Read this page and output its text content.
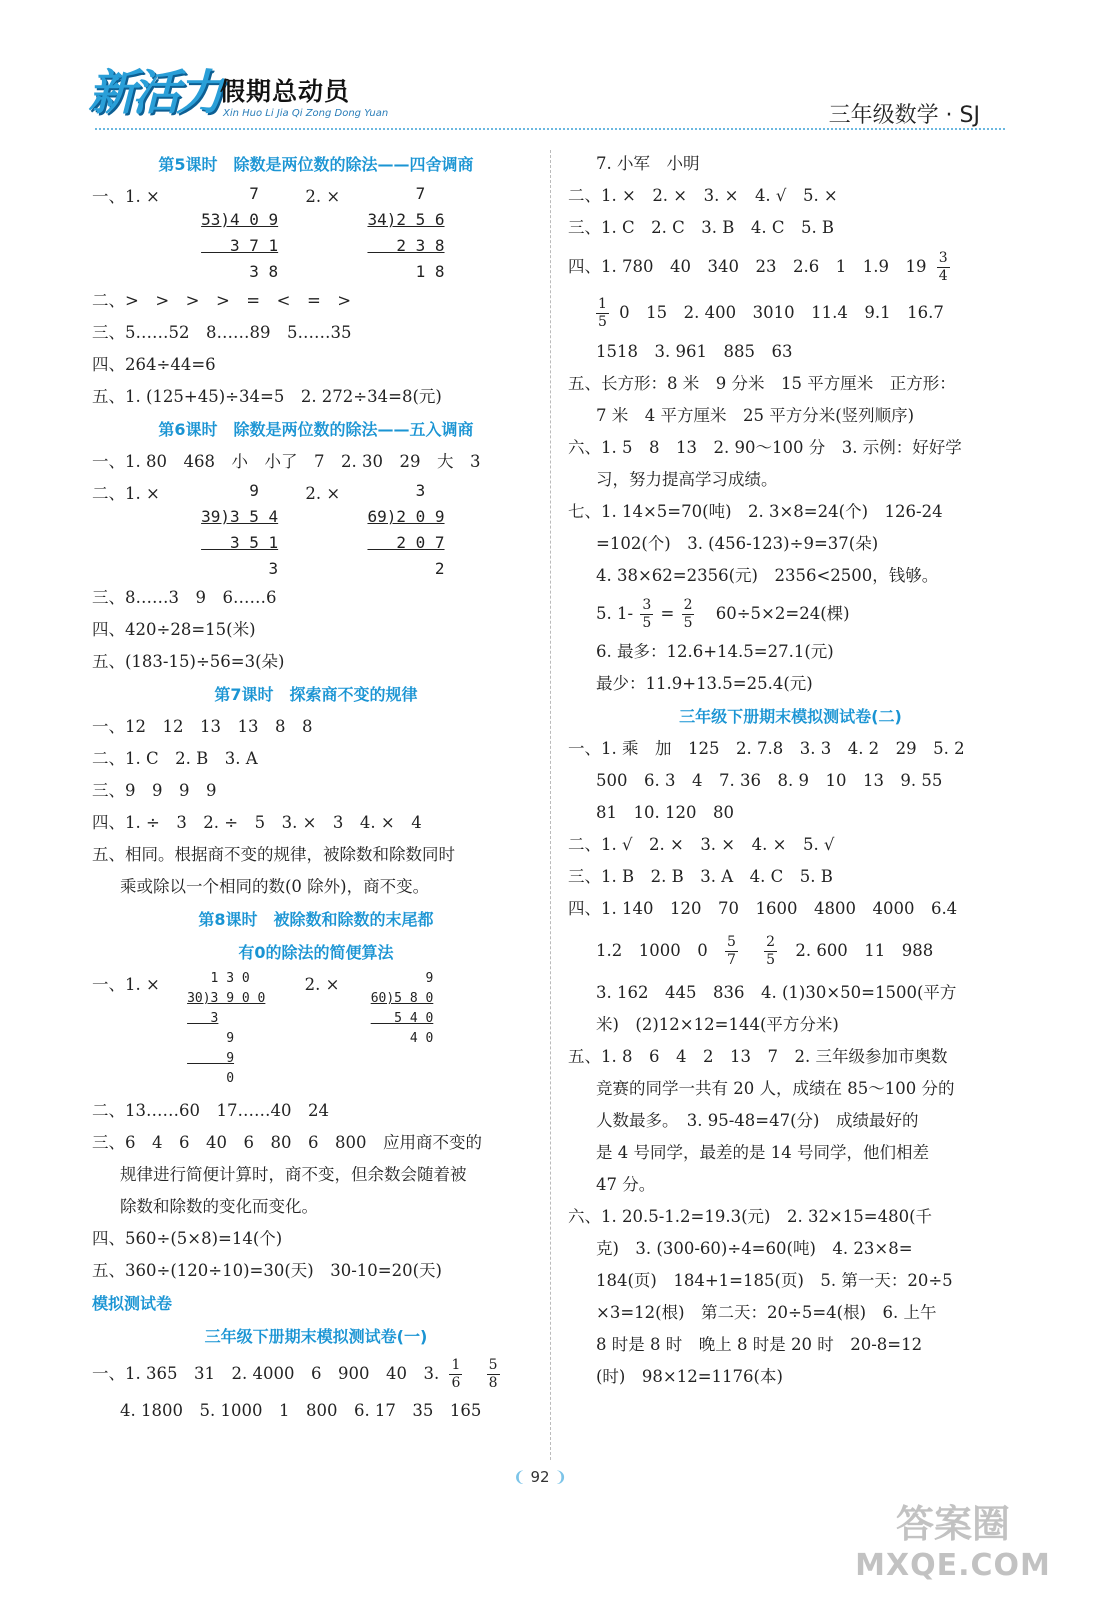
新活力 假期总动员
Xin Huo Li Jia Qi Zong Dong Yuan	三年级数学 · SJ
第5课时　除数是两位数的除法——四舍调商
一、1. ×	7
53)4 0 9
3 7 1
3 8
2. × 7
34)2 5 6
2 3 8
1 8
二、>　>　>　>　=　<　=　>
三、5……52　8……89　5……35
四、264÷44=6
五、1. (125+45)÷34=5　2. 272÷34=8(元)
第6课时　除数是两位数的除法——五入调商
一、1. 80　468　小　小了　7　2. 30　29　大　3
二、1. ×	9
39)3 5 4
3 5 1
3
2. × 3
69)2 0 9
2 0 7
2
三、8……3　9　6……6
四、420÷28=15(米)
五、(183-15)÷56=3(朵)
第7课时　探索商不变的规律
一、12　12　13　13　8　8
二、1. C　2. B　3. A
三、9　9　9　9
四、1. ÷　3　2. ÷　5　3. ×　3　4. ×　4
五、相同。根据商不变的规律，被除数和除数同时
乘或除以一个相同的数(0 除外)，商不变。
第8课时　被除数和除数的末尾都
有0的除法的简便算法
一、1. × 1 3 0
30)3 9 0 0
3
9
9
0
2. × 9
60)5 8 0
5 4 0
4 0
二、13……60　17……40　24
三、6　4　6　40　6　80　6　800　应用商不变的
规律进行简便计算时，商不变，但余数会随着被
除数和除数的变化而变化。
四、560÷(5×8)=14(个)
五、360÷(120÷10)=30(天)　30-10=20(天)
模拟测试卷
三年级下册期末模拟测试卷(一)
一、1. 365　31　2. 4000　6　900　40　3. $\frac{1}{6}$
$\frac{5}{8}$
4. 1800　5. 1000　1　800　6. 17　35　165
7. 小军　小明
二、1. ×　2. ×　3. ×　4. √　5. ×
三、1. C　2. C　3. B　4. C　5. B
四、1. 780　40　340　23　2.6　1　1.9　$19 \frac{3}{4}$
$\frac{1}{5} 0$　15　2. 400　3010　11.4　9.1　16.7
1518　3. 961　885　63
五、长方形：8 米　9 分米　15 平方厘米　正方形：
7 米　4 平方厘米　25 平方分米(竖列顺序)
六、1. 5　8　13　2. 90～100 分　3. 示例：好好学
习，努力提高学习成绩。
七、1. 14×5=70(吨)　2. 3×8=24(个)　126-24
=102(个)　3. (456-123)÷9=37(朵)
4. 38×62=2356(元)　2356<2500，钱够。
5. $1- \frac{3}{5} = \frac{2}{5} 60\div 5\times 2=24$(棵)
6. 最多：12.6+14.5=27.1(元)
最少：11.9+13.5=25.4(元)
三年级下册期末模拟测试卷(二)
一、1. 乘　加　125　2. 7.8　3. 3　4. 2　29　5. 2
500　6. 3　4　7. 36　8. 9　10　13　9. 55
81　10. 120　80
二、1. √　2. ×　3. ×　4. ×　5. √
三、1. B　2. B　3. A　4. C　5. B
四、1. 140　120　70　1600　4800　4000　6.4
1.2　1000　$0 \frac{5}{7}$
$\frac{2}{5} 2$. 600　11　988
3. 162　445　836　4. (1)30×50=1500(平方
米)　(2)12×12=144(平方分米)
五、1. 8　6　4　2　13　7　2. 三年级参加市奥数
竞赛的同学一共有 20 人，成绩在 85～100 分的
人数最多。　3. 95-48=47(分)　成绩最好的
是 4 号同学，最差的是 14 号同学，他们相差
47 分。
六、1. 20.5-1.2=19.3(元)　2. 32×15=480(千
克)　3. (300-60)÷4=60(吨)　4. 23×8=
184(页)　184+1=185(页)　5. 第一天：20÷5
×3=12(根)　第二天：20÷5=4(根)　6. 上午
8 时是 8 时　晚上 8 时是 20 时　20-8=12
(时)　98×12=1176(本)
❨ 92 ❩
答案圈
MXQE.COM
